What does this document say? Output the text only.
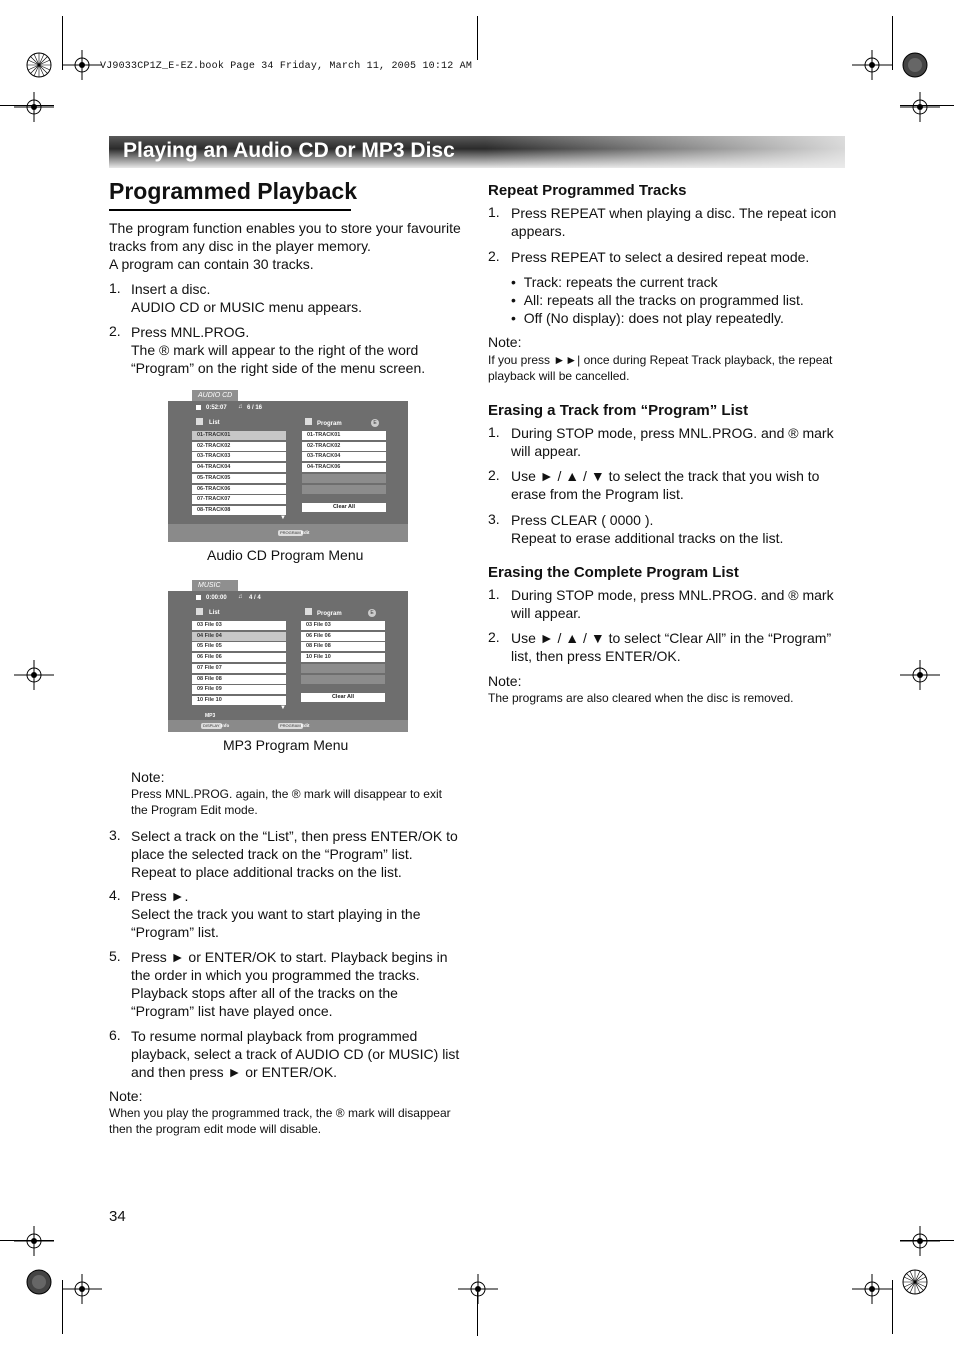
VJ9033CP1Z_E-EZ.book Page 34 Friday, March 11, 2005 10:12 AM
Playing an Audio CD or MP3 Disc
Programmed Playback
The program function enables you to store your favourite
tracks from any disc in the player memory.
A program can contain 30 tracks.
1. Insert a disc.
AUDIO CD or MUSIC menu appears.
2. Press MNL.PROG.
The ® mark will appear to the right of the word
“Program” on the right side of the menu screen.
AUDIO CD
0:52:07 ♫ 6 / 16
List	Program	E
01-TRACK01
02-TRACK02
03-TRACK03
04-TRACK04
05-TRACK05
06-TRACK06
07-TRACK07
08-TRACK08
▼
01-TRACK01
02-TRACK02
03-TRACK04
04-TRACK06
Clear All
PROGRAM Edit
Audio CD Program Menu
MUSIC
0:00:00 ♫ 4 / 4
List	Program	E
03 File 03
04 File 04
05 File 05
06 File 06
07 File 07
08 File 08
09 File 09
10 File 10
▼
03 File 03
06 File 06
08 File 08
10 File 10
Clear All
MP3
DISPLAY Info	PROGRAM Edit
MP3 Program Menu
Note:
Press MNL.PROG. again, the ® mark will disappear to exit
the Program Edit mode.
3. Select a track on the “List”, then press ENTER/OK to
place the selected track on the “Program” list.
Repeat to place additional tracks on the list.
4. Press ►.
Select the track you want to start playing in the
“Program” list.
5. Press ► or ENTER/OK to start. Playback begins in
the order in which you programmed the tracks.
Playback stops after all of the tracks on the
“Program” list have played once.
6. To resume normal playback from programmed
playback, select a track of AUDIO CD (or MUSIC) list
and then press ► or ENTER/OK.
Note:
When you play the programmed track, the ® mark will disappear
then the program edit mode will disable.
Repeat Programmed Tracks
1. Press REPEAT when playing a disc. The repeat icon
appears.
2. Press REPEAT to select a desired repeat mode.
•  Track: repeats the current track
•  All: repeats all the tracks on programmed list.
•  Off (No display): does not play repeatedly.
Note:
If you press ►►| once during Repeat Track playback, the repeat
playback will be cancelled.
Erasing a Track from “Program” List
1. During STOP mode, press MNL.PROG. and ® mark
will appear.
2. Use ► / ▲ / ▼ to select the track that you wish to
erase from the Program list.
3. Press CLEAR ( 0000 ).
Repeat to erase additional tracks on the list.
Erasing the Complete Program List
1. During STOP mode, press MNL.PROG. and ® mark
will appear.
2. Use ► / ▲ / ▼ to select “Clear All” in the “Program”
list, then press ENTER/OK.
Note:
The programs are also cleared when the disc is removed.
34
